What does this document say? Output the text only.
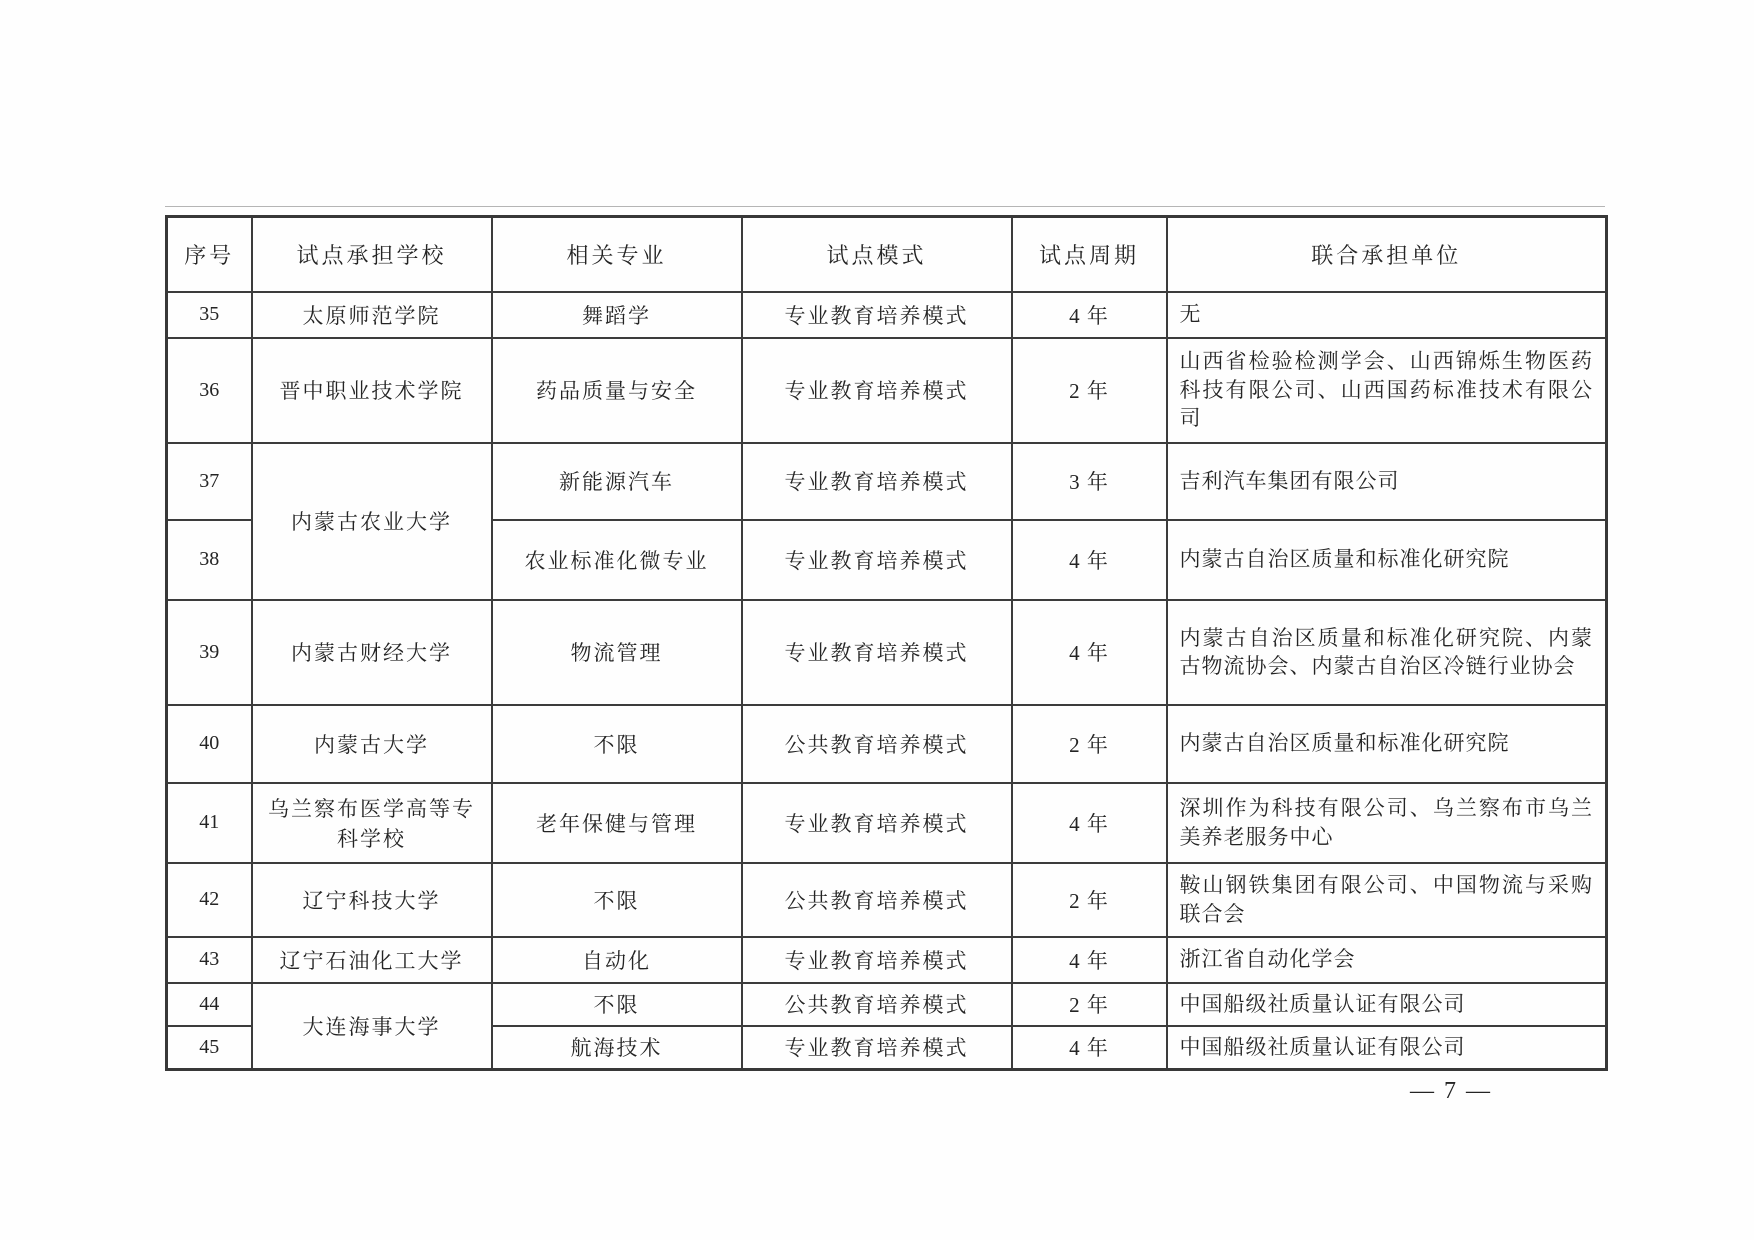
序号	试点承担学校	相关专业	试点模式	试点周期	联合承担单位
35	太原师范学院	舞蹈学	专业教育培养模式	4 年	无
36	晋中职业技术学院	药品质量与安全	专业教育培养模式	2 年	山西省检验检测学会、山西锦烁生物医药科技有限公司、山西国药标准技术有限公司
37	内蒙古农业大学	新能源汽车	专业教育培养模式	3 年	吉利汽车集团有限公司
38		农业标准化微专业	专业教育培养模式	4 年	内蒙古自治区质量和标准化研究院
39	内蒙古财经大学	物流管理	专业教育培养模式	4 年	内蒙古自治区质量和标准化研究院、内蒙古物流协会、内蒙古自治区冷链行业协会
40	内蒙古大学	不限	公共教育培养模式	2 年	内蒙古自治区质量和标准化研究院
41	乌兰察布医学高等专科学校	老年保健与管理	专业教育培养模式	4 年	深圳作为科技有限公司、乌兰察布市乌兰美养老服务中心
42	辽宁科技大学	不限	公共教育培养模式	2 年	鞍山钢铁集团有限公司、中国物流与采购联合会
43	辽宁石油化工大学	自动化	专业教育培养模式	4 年	浙江省自动化学会
44	大连海事大学	不限	公共教育培养模式	2 年	中国船级社质量认证有限公司
45		航海技术	专业教育培养模式	4 年	中国船级社质量认证有限公司
— 7 —
